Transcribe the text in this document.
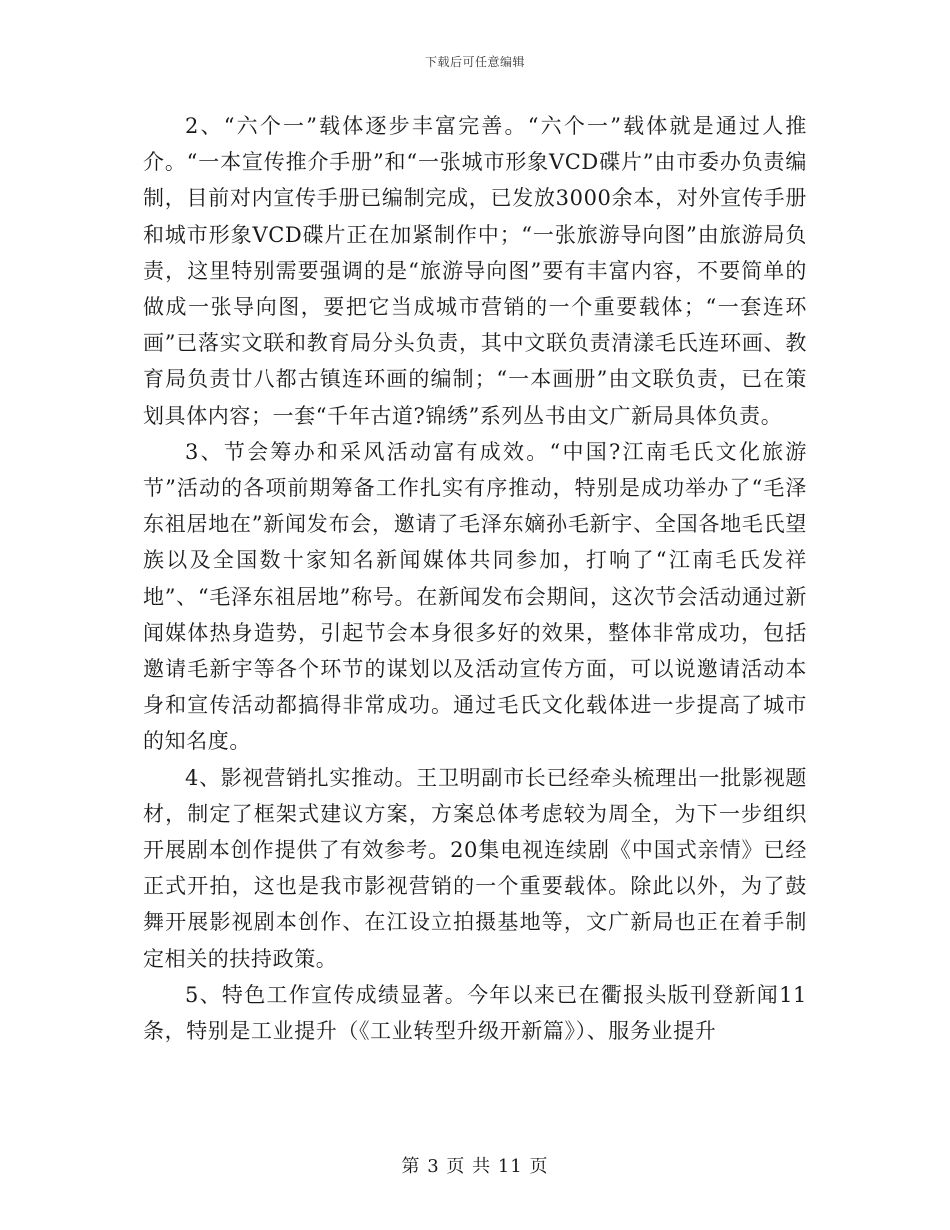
下载后可任意编辑

2、“六个一”载体逐步丰富完善。“六个一”载体就是通过人推介。“一本宣传推介手册”和“一张城市形象VCD碟片”由市委办负责编制，目前对内宣传手册已编制完成，已发放3000余本，对外宣传手册和城市形象VCD碟片正在加紧制作中；“一张旅游导向图”由旅游局负责，这里特别需要强调的是“旅游导向图”要有丰富内容，不要简单的做成一张导向图，要把它当成城市营销的一个重要载体；“一套连环画”已落实文联和教育局分头负责，其中文联负责清漾毛氏连环画、教育局负责廿八都古镇连环画的编制；“一本画册”由文联负责，已在策划具体内容；一套“千年古道?锦绣”系列丛书由文广新局具体负责。

3、节会筹办和采风活动富有成效。“中国?江南毛氏文化旅游节”活动的各项前期筹备工作扎实有序推动，特别是成功举办了“毛泽东祖居地在”新闻发布会，邀请了毛泽东嫡孙毛新宇、全国各地毛氏望族以及全国数十家知名新闻媒体共同参加，打响了“江南毛氏发祥地”、“毛泽东祖居地”称号。在新闻发布会期间，这次节会活动通过新闻媒体热身造势，引起节会本身很多好的效果，整体非常成功，包括邀请毛新宇等各个环节的谋划以及活动宣传方面，可以说邀请活动本身和宣传活动都搞得非常成功。通过毛氏文化载体进一步提高了城市的知名度。

4、影视营销扎实推动。王卫明副市长已经牵头梳理出一批影视题材，制定了框架式建议方案，方案总体考虑较为周全，为下一步组织开展剧本创作提供了有效参考。20集电视连续剧《中国式亲情》已经正式开拍，这也是我市影视营销的一个重要载体。除此以外，为了鼓舞开展影视剧本创作、在江设立拍摄基地等，文广新局也正在着手制定相关的扶持政策。

5、特色工作宣传成绩显著。今年以来已在衢报头版刊登新闻11条，特别是工业提升（《工业转型升级开新篇》）、服务业提升

第 3 页 共 11 页
